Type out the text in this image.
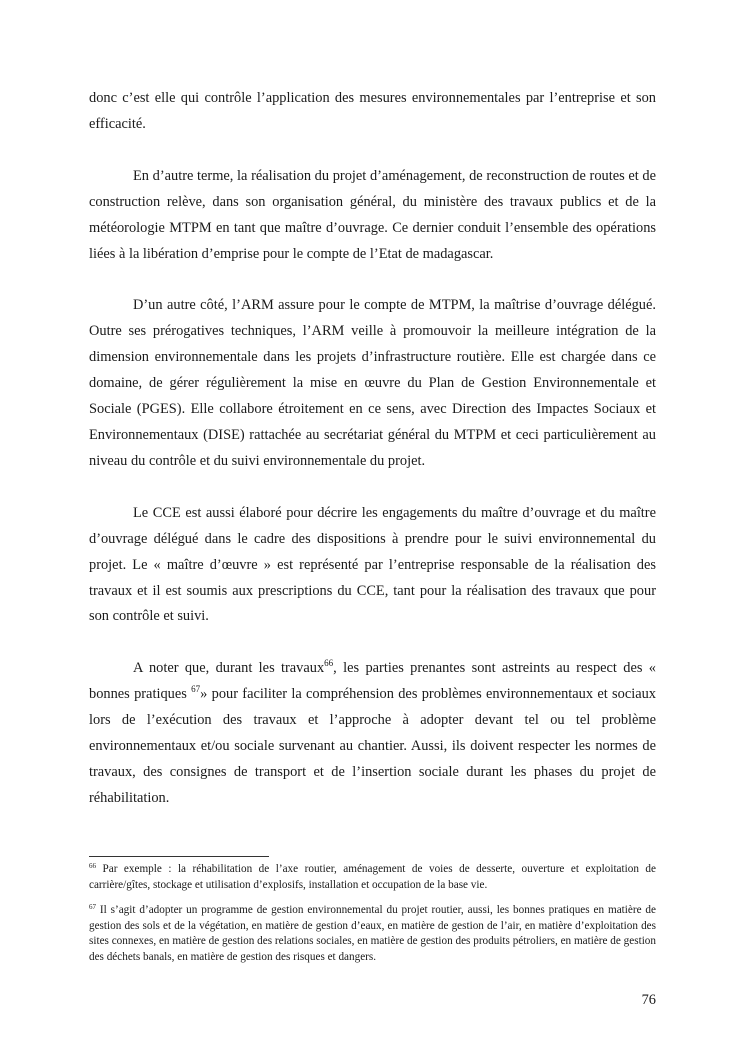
donc c’est elle qui contrôle l’application des mesures environnementales par l’entreprise et son efficacité.

En d’autre terme, la réalisation du projet d’aménagement, de reconstruction de routes et de construction relève, dans son organisation général, du ministère des travaux publics et de la météorologie MTPM en tant que maître d’ouvrage. Ce dernier conduit l’ensemble des opérations liées à la libération d’emprise pour le compte de l’Etat de madagascar.

D’un autre côté, l’ARM assure pour le compte de MTPM, la maîtrise d’ouvrage délégué. Outre ses prérogatives techniques, l’ARM veille à promouvoir la meilleure intégration de la dimension environnementale dans les projets d’infrastructure routière. Elle est chargée dans ce domaine, de gérer régulièrement la mise en œuvre du Plan de Gestion Environnementale et Sociale (PGES). Elle collabore étroitement en ce sens, avec Direction des Impactes Sociaux et Environnementaux (DISE) rattachée au secrétariat général du MTPM et ceci particulièrement au niveau du contrôle et du suivi environnementale du projet.

Le CCE est aussi élaboré pour décrire les engagements du maître d’ouvrage et du maître d’ouvrage délégué dans le cadre des dispositions à prendre pour le suivi environnemental du projet. Le « maître d’œuvre » est représenté par l’entreprise responsable de la réalisation des travaux et il est soumis aux prescriptions du CCE, tant pour la réalisation des travaux que pour son contrôle et suivi.

A noter que, durant les travaux$^{66}$, les parties prenantes sont astreints au respect des « bonnes pratiques $^{67}$» pour faciliter la compréhension des problèmes environnementaux et sociaux lors de l’exécution des travaux et l’approche à adopter devant tel ou tel problème environnementaux et/ou sociale survenant au chantier. Aussi, ils doivent respecter les normes de travaux, des consignes de transport et de l’insertion sociale durant les phases du projet de réhabilitation.

$^{66}$ Par exemple : la réhabilitation de l’axe routier, aménagement de voies de desserte, ouverture et exploitation de carrière/gîtes, stockage et utilisation d’explosifs, installation et occupation de la base vie.

$^{67}$ Il s’agit d’adopter un programme de gestion environnemental du projet routier, aussi, les bonnes pratiques en matière de gestion des sols et de la végétation, en matière de gestion d’eaux, en matière de gestion de l’air, en matière d’exploitation des sites connexes, en matière de gestion des relations sociales, en matière de gestion des produits pétroliers, en matière de gestion des déchets banals, en matière de gestion des risques et dangers.

76
